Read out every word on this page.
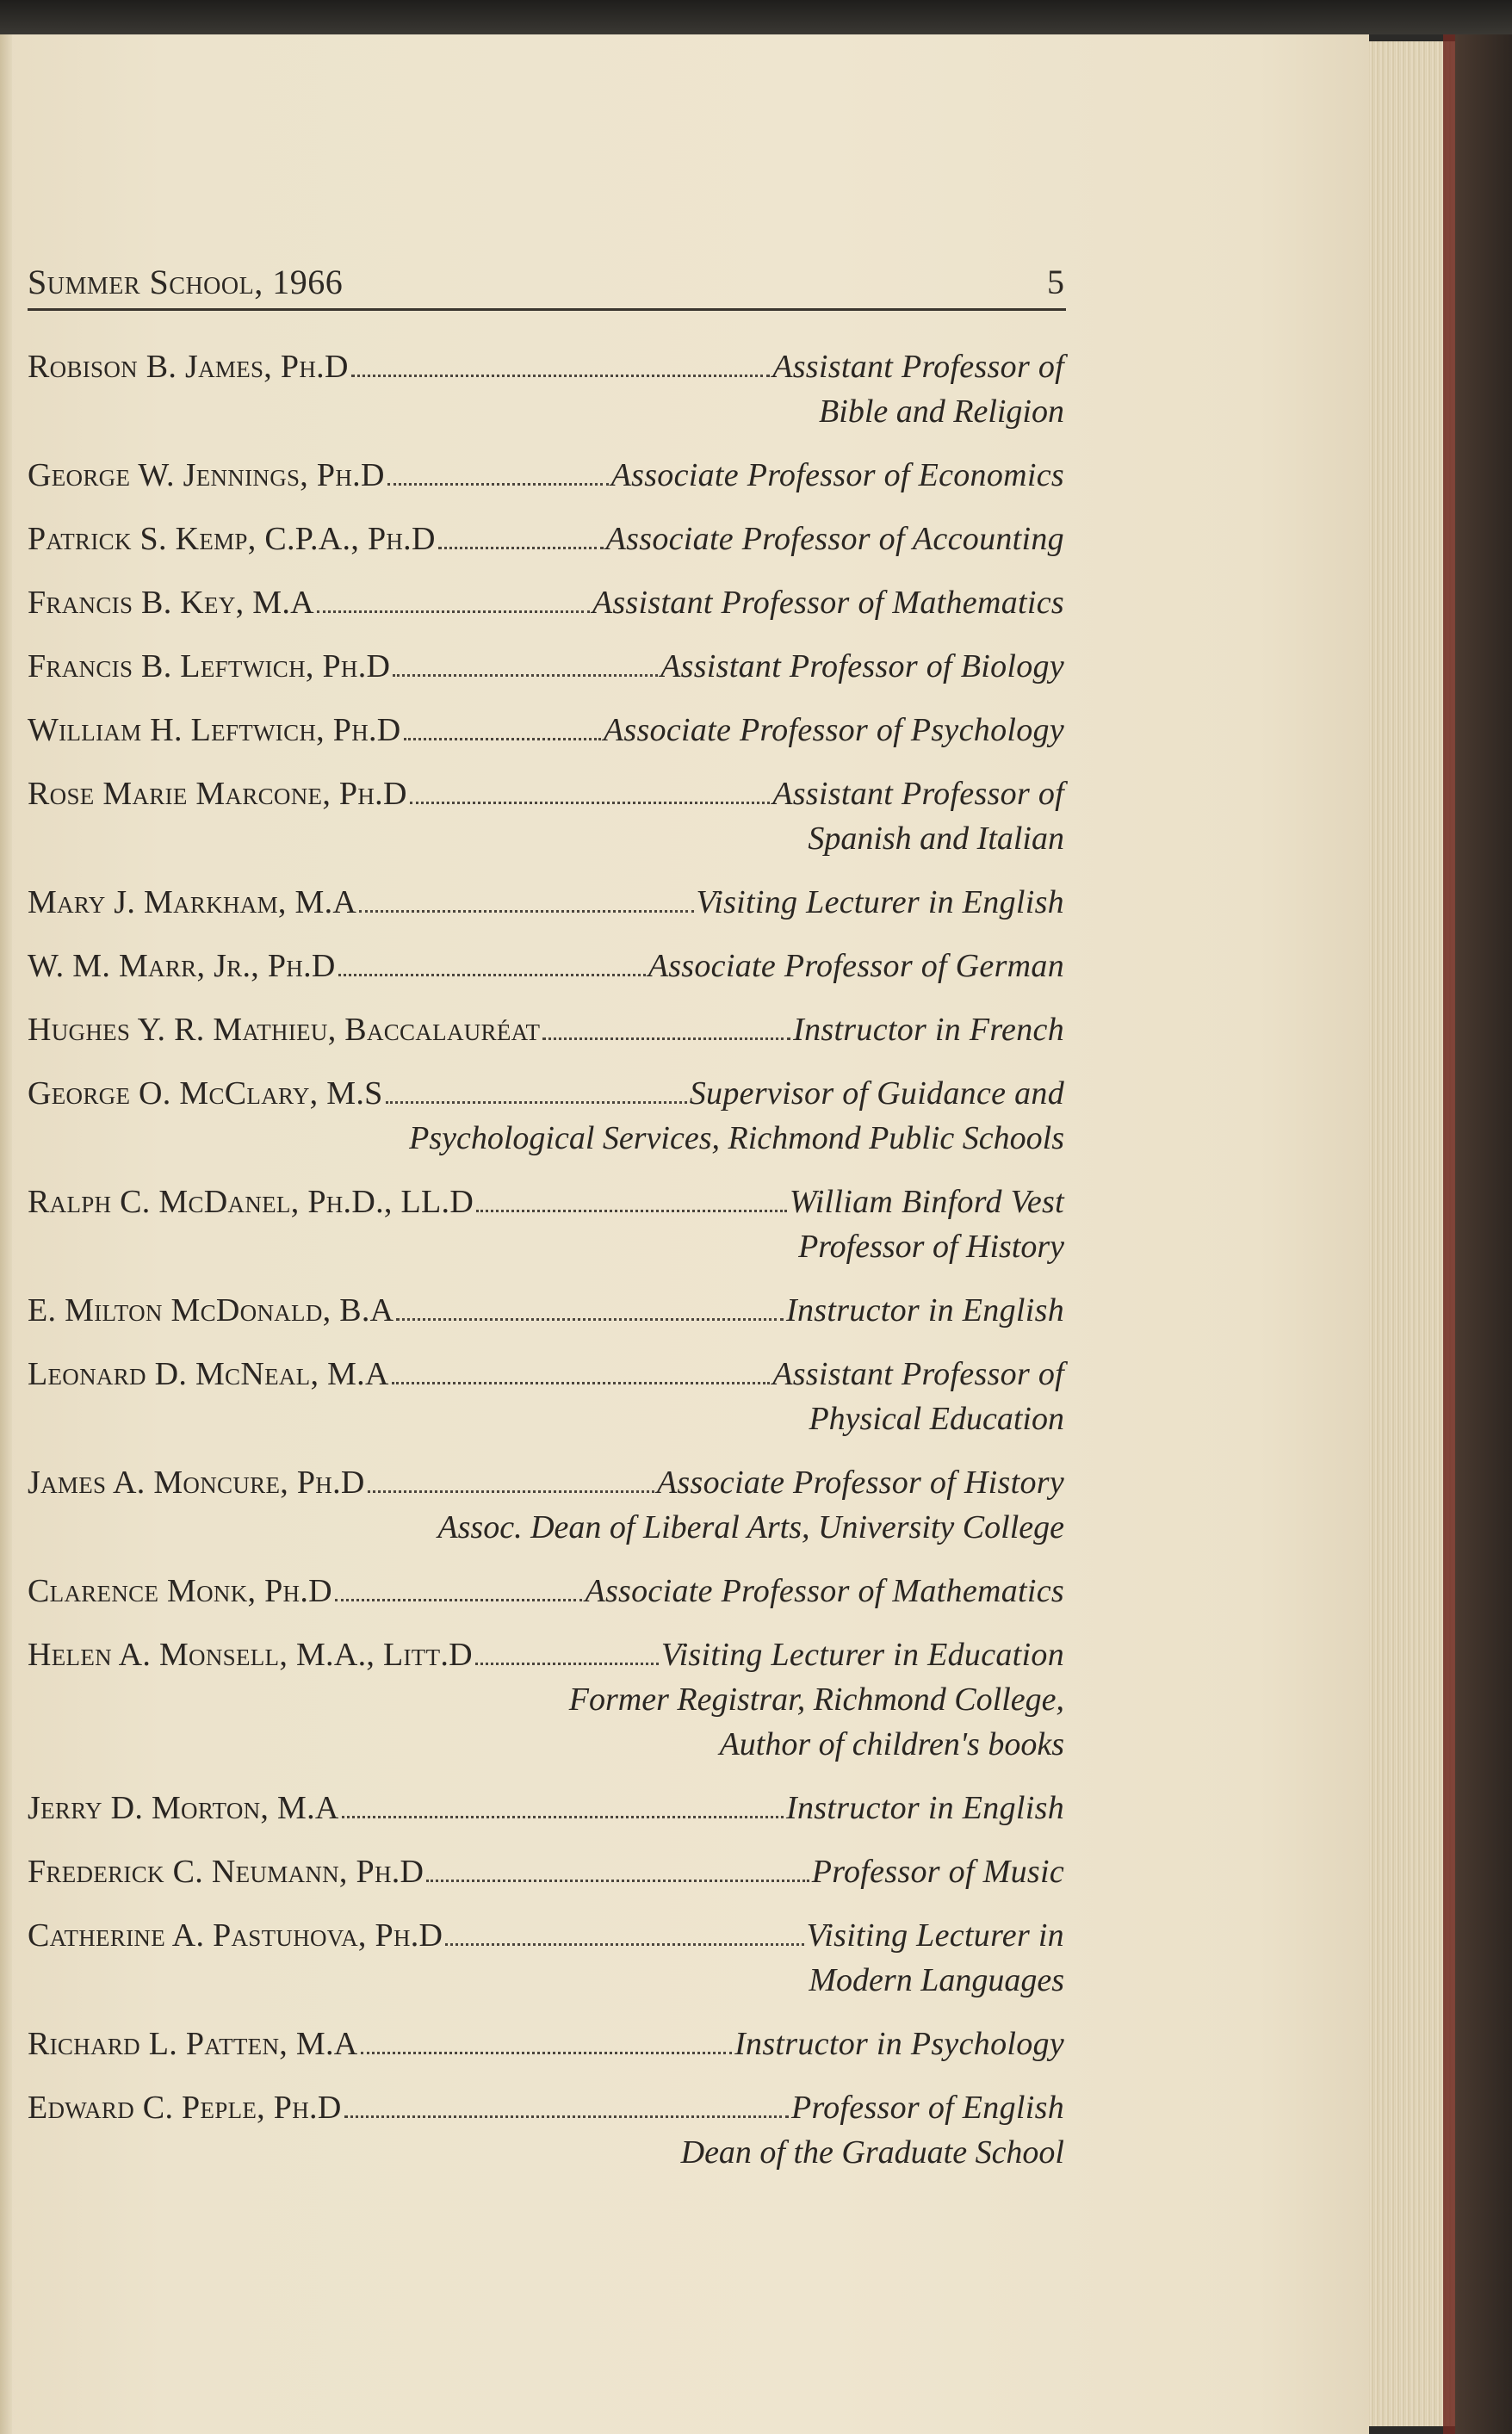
Summer School, 1966	5
Robison B. James, Ph.D	Assistant Professor of
Bible and Religion
George W. Jennings, Ph.D	Associate Professor of Economics
Patrick S. Kemp, C.P.A., Ph.D	Associate Professor of Accounting
Francis B. Key, M.A	Assistant Professor of Mathematics
Francis B. Leftwich, Ph.D	Assistant Professor of Biology
William H. Leftwich, Ph.D	Associate Professor of Psychology
Rose Marie Marcone, Ph.D	Assistant Professor of
Spanish and Italian
Mary J. Markham, M.A	Visiting Lecturer in English
W. M. Marr, Jr., Ph.D	Associate Professor of German
Hughes Y. R. Mathieu, Baccalauréat	Instructor in French
George O. McClary, M.S	Supervisor of Guidance and
Psychological Services, Richmond Public Schools
Ralph C. McDanel, Ph.D., LL.D	William Binford Vest
Professor of History
E. Milton McDonald, B.A	Instructor in English
Leonard D. McNeal, M.A	Assistant Professor of
Physical Education
James A. Moncure, Ph.D	Associate Professor of History
Assoc. Dean of Liberal Arts, University College
Clarence Monk, Ph.D	Associate Professor of Mathematics
Helen A. Monsell, M.A., Litt.D	Visiting Lecturer in Education
Former Registrar, Richmond College,
Author of children's books
Jerry D. Morton, M.A	Instructor in English
Frederick C. Neumann, Ph.D	Professor of Music
Catherine A. Pastuhova, Ph.D	Visiting Lecturer in
Modern Languages
Richard L. Patten, M.A	Instructor in Psychology
Edward C. Peple, Ph.D	Professor of English
Dean of the Graduate School
